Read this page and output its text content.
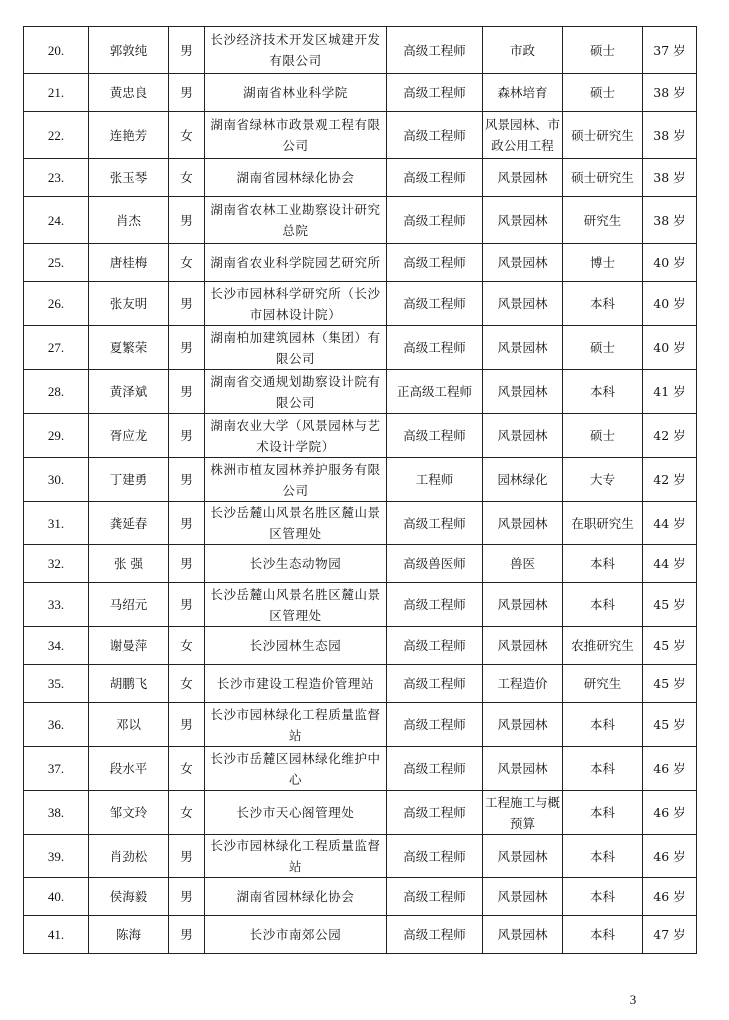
20.	郭敦纯	男	长沙经济技术开发区城建开发有限公司	高级工程师	市政	硕士	37 岁
21.	黄忠良	男	湖南省林业科学院	高级工程师	森林培育	硕士	38 岁
22.	连艳芳	女	湖南省绿林市政景观工程有限公司	高级工程师	风景园林、市政公用工程	硕士研究生	38 岁
23.	张玉琴	女	湖南省园林绿化协会	高级工程师	风景园林	硕士研究生	38 岁
24.	肖杰	男	湖南省农林工业勘察设计研究总院	高级工程师	风景园林	研究生	38 岁
25.	唐桂梅	女	湖南省农业科学院园艺研究所	高级工程师	风景园林	博士	40 岁
26.	张友明	男	长沙市园林科学研究所（长沙市园林设计院）	高级工程师	风景园林	本科	40 岁
27.	夏繁荣	男	湖南柏加建筑园林（集团）有限公司	高级工程师	风景园林	硕士	40 岁
28.	黄泽斌	男	湖南省交通规划勘察设计院有限公司	正高级工程师	风景园林	本科	41 岁
29.	胥应龙	男	湖南农业大学（风景园林与艺术设计学院）	高级工程师	风景园林	硕士	42 岁
30.	丁建勇	男	株洲市植友园林养护服务有限公司	工程师	园林绿化	大专	42 岁
31.	龚延春	男	长沙岳麓山风景名胜区麓山景区管理处	高级工程师	风景园林	在职研究生	44 岁
32.	张 强	男	长沙生态动物园	高级兽医师	兽医	本科	44 岁
33.	马绍元	男	长沙岳麓山风景名胜区麓山景区管理处	高级工程师	风景园林	本科	45 岁
34.	谢曼萍	女	长沙园林生态园	高级工程师	风景园林	农推研究生	45 岁
35.	胡鹏飞	女	长沙市建设工程造价管理站	高级工程师	工程造价	研究生	45 岁
36.	邓以	男	长沙市园林绿化工程质量监督站	高级工程师	风景园林	本科	45 岁
37.	段水平	女	长沙市岳麓区园林绿化维护中心	高级工程师	风景园林	本科	46 岁
38.	邹文玲	女	长沙市天心阁管理处	高级工程师	工程施工与概预算	本科	46 岁
39.	肖劲松	男	长沙市园林绿化工程质量监督站	高级工程师	风景园林	本科	46 岁
40.	侯海毅	男	湖南省园林绿化协会	高级工程师	风景园林	本科	46 岁
41.	陈海	男	长沙市南郊公园	高级工程师	风景园林	本科	47 岁
3
